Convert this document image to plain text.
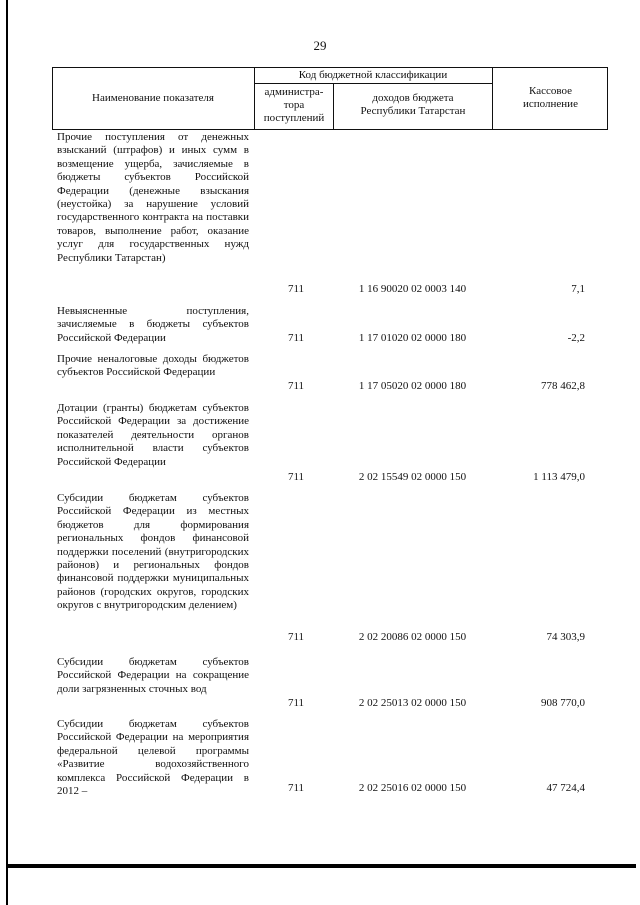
29
Наименование показателя
Код бюджетной классификации
администра-
тора
поступлений
доходов бюджета
Республики Татарстан
Кассовое
исполнение
Прочие поступления от денежных взысканий (штрафов) и иных сумм в возмещение ущерба, зачисляемые в бюджеты субъектов Российской Федерации (денежные взыскания (неустойка) за нарушение условий государственного контракта на поставки товаров, выполнение работ, оказание услуг для государственных нужд Республики Татарстан)
711	1 16 90020 02 0003 140	7,1
Невыясненные поступления, зачисляемые в бюджеты субъектов Российской Федерации	711	1 17 01020 02 0000 180	-2,2
Прочие неналоговые доходы бюджетов субъектов Российской Федерации
711	1 17 05020 02 0000 180	778 462,8
Дотации (гранты) бюджетам субъектов Российской Федерации за достижение показателей деятельности органов исполнительной власти субъектов Российской Федерации
711	2 02 15549 02 0000 150	1 113 479,0
Субсидии бюджетам субъектов Российской Федерации из местных бюджетов для формирования региональных фондов финансовой поддержки поселений (внутригородских районов) и региональных фондов финансовой поддержки муниципальных районов (городских округов, городских округов с внутригородским делением)
711	2 02 20086 02 0000 150	74 303,9
Субсидии бюджетам субъектов Российской Федерации на сокращение доли загрязненных сточных вод
711	2 02 25013 02 0000 150	908 770,0
Субсидии бюджетам субъектов Российской Федерации на мероприятия федеральной целевой программы «Развитие водохозяйственного комплекса Российской Федерации в 2012 –	711	2 02 25016 02 0000 150	47 724,4
